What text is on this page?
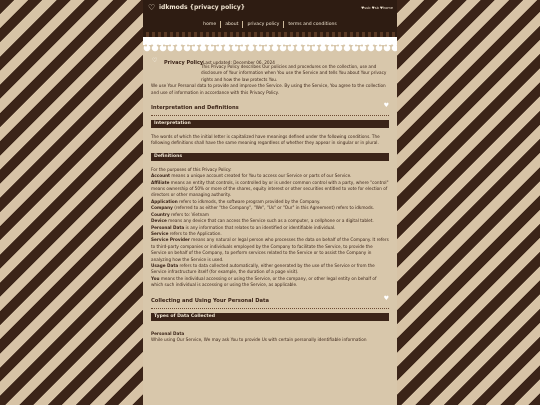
♡ idkmods {privacy policy}	♥sub ♥sb ♥home
home about privacy policy terms and conditions
♡ Privacy Policy Last updated: December 06, 2024

This Privacy Policy describes Our policies and procedures on the collection, use and disclosure of Your information when You use the Service and tells You about Your privacy rights and how the law protects You.

We use Your Personal data to provide and improve the Service. By using the Service, You agree to the collection and use of information in accordance with this Privacy Policy.

Interpretation and Definitions	♥
Interpretation

The words of which the initial letter is capitalized have meanings defined under the following conditions. The following definitions shall have the same meaning regardless of whether they appear in singular or in plural.

Definitions

For the purposes of this Privacy Policy:

Account means a unique account created for You to access our Service or parts of our Service.

Affiliate means an entity that controls, is controlled by or is under common control with a party, where "control" means ownership of 50% or more of the shares, equity interest or other securities entitled to vote for election of directors or other managing authority.

Application refers to idkmods, the software program provided by the Company.

Company (referred to as either "the Company", "We", "Us" or "Our" in this Agreement) refers to idkmods.

Country refers to: Vietnam

Device means any device that can access the Service such as a computer, a cellphone or a digital tablet.

Personal Data is any information that relates to an identified or identifiable individual.

Service refers to the Application.

Service Provider means any natural or legal person who processes the data on behalf of the Company. It refers to third-party companies or individuals employed by the Company to facilitate the Service, to provide the Service on behalf of the Company, to perform services related to the Service or to assist the Company in analyzing how the Service is used.

Usage Data refers to data collected automatically, either generated by the use of the Service or from the Service infrastructure itself (for example, the duration of a page visit).

You means the individual accessing or using the Service, or the company, or other legal entity on behalf of which such individual is accessing or using the Service, as applicable.

Collecting and Using Your Personal Data	♥
Types of Data Collected

Personal Data

While using Our Service, We may ask You to provide Us with certain personally identifiable information
